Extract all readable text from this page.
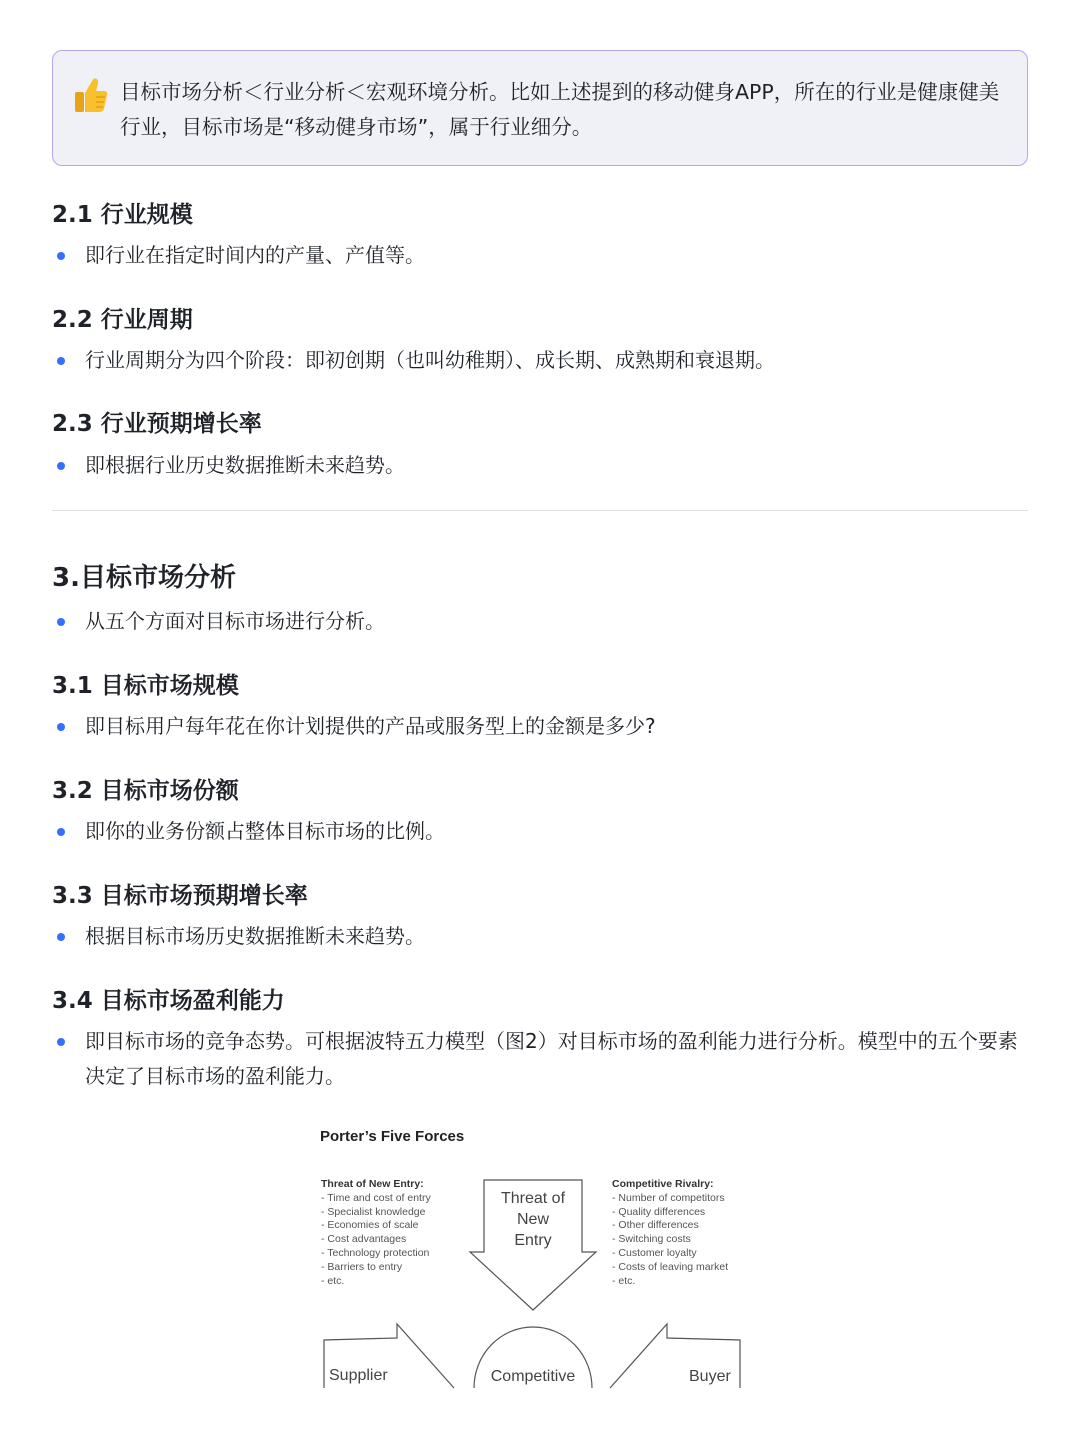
目标市场分析＜行业分析＜宏观环境分析。比如上述提到的移动健身APP，所在的行业是健康健美行业，目标市场是“移动健身市场”，属于行业细分。
2.1 行业规模
即行业在指定时间内的产量、产值等。
2.2 行业周期
行业周期分为四个阶段：即初创期（也叫幼稚期）、成长期、成熟期和衰退期。
2.3 行业预期增长率
即根据行业历史数据推断未来趋势。
3.目标市场分析
从五个方面对目标市场进行分析。
3.1 目标市场规模
即目标用户每年花在你计划提供的产品或服务型上的金额是多少?
3.2 目标市场份额
即你的业务份额占整体目标市场的比例。
3.3 目标市场预期增长率
根据目标市场历史数据推断未来趋势。
3.4 目标市场盈利能力
即目标市场的竞争态势。可根据波特五力模型（图2）对目标市场的盈利能力进行分析。模型中的五个要素决定了目标市场的盈利能力。
Porter’s Five Forces
Threat of New Entry:
- Time and cost of entry
- Specialist knowledge
- Economies of scale
- Cost advantages
- Technology protection
- Barriers to entry
- etc.
Competitive Rivalry:
- Number of competitors
- Quality differences
- Other differences
- Switching costs
- Customer loyalty
- Costs of leaving market
- etc.
Threat of
New
Entry
Supplier	Competitive	Buyer
